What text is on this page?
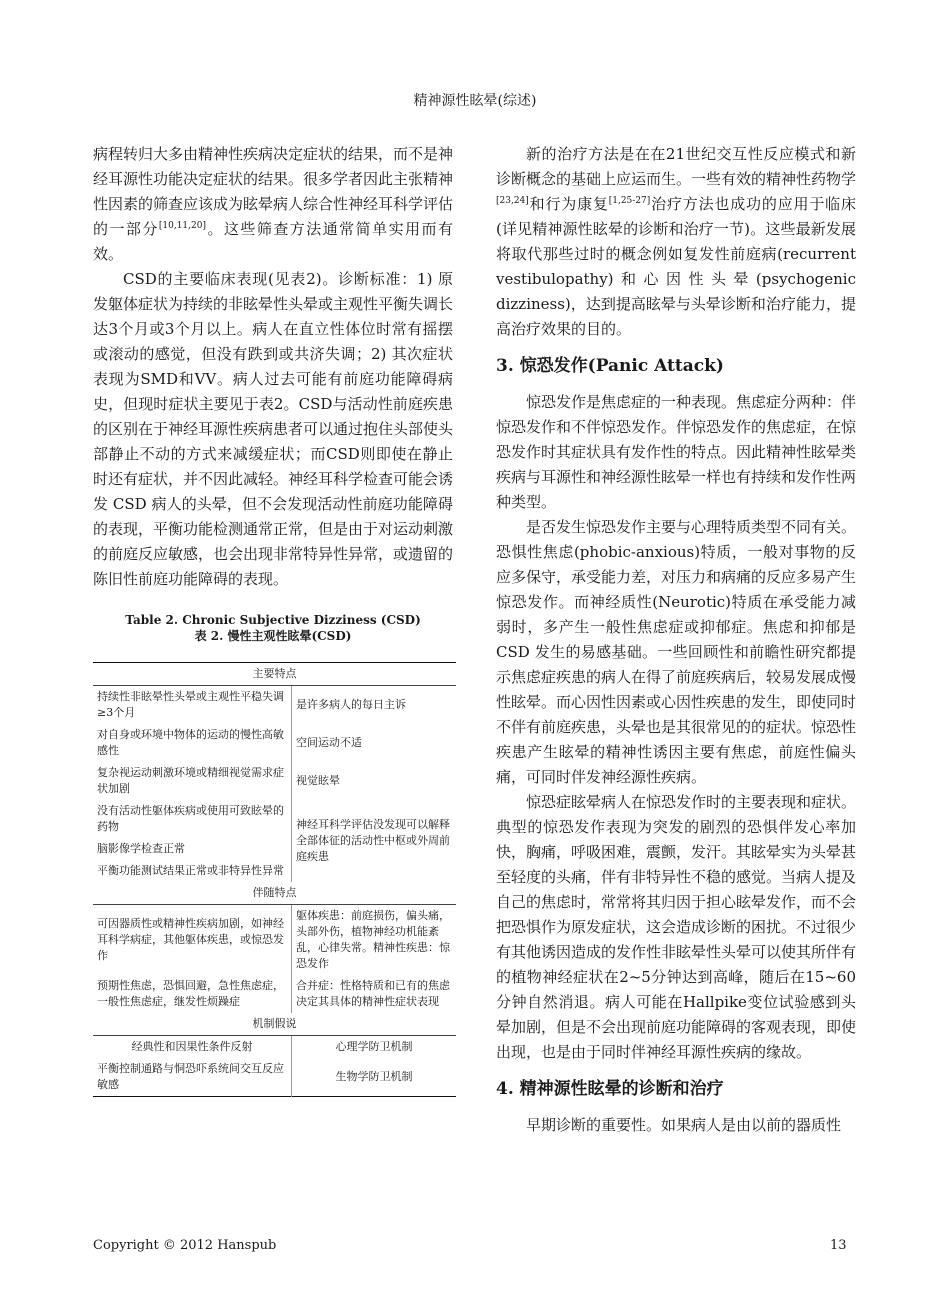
精神源性眩晕(综述)

病程转归大多由精神性疾病决定症状的结果，而不是神经耳源性功能决定症状的结果。很多学者因此主张精神性因素的筛查应该成为眩晕病人综合性神经耳科学评估的一部分[10,11,20]。这些筛查方法通常简单实用而有效。

CSD的主要临床表现(见表2)。诊断标准：1) 原发躯体症状为持续的非眩晕性头晕或主观性平衡失调长达3个月或3个月以上。病人在直立性体位时常有摇摆或滚动的感觉，但没有跌到或共济失调；2) 其次症状表现为SMD和VV。病人过去可能有前庭功能障碍病史，但现时症状主要见于表2。CSD与活动性前庭疾患的区别在于神经耳源性疾病患者可以通过抱住头部使头部静止不动的方式来减缓症状；而CSD则即使在静止时还有症状，并不因此减轻。神经耳科学检查可能会诱发 CSD 病人的头晕，但不会发现活动性前庭功能障碍的表现，平衡功能检测通常正常，但是由于对运动刺激的前庭反应敏感，也会出现非常特异性异常，或遗留的陈旧性前庭功能障碍的表现。

Table 2. Chronic Subjective Dizziness (CSD)
表 2. 慢性主观性眩晕(CSD)
主要特点	
持续性非眩晕性头晕或主观性平稳失调≥3个月	是许多病人的每日主诉
对自身或环境中物体的运动的慢性高敏感性	空间运动不适
复杂视运动刺激环境或精细视觉需求症状加剧	视觉眩晕
没有活动性躯体疾病或使用可致眩晕的药物	神经耳科学评估没发现可以解释全部体征的活动性中枢或外周前庭疾患
脑影像学检查正常	
平衡功能测试结果正常或非特异性异常	
伴随特点	
可因器质性或精神性疾病加剧，如神经耳科学病症，其他躯体疾患，或惊恐发作	躯体疾患：前庭损伤，偏头痛，头部外伤，植物神经功机能紊乱，心律失常。精神性疾患：惊恐发作
预期性焦虑，恐惧回避，急性焦虑症，一般性焦虑症，继发性烦躁症	合并症：性格特质和已有的焦虑决定其具体的精神性症状表现
机制假说	
经典性和因果性条件反射	心理学防卫机制
平衡控制通路与恫恐吓系统间交互反应敏感	生物学防卫机制

新的治疗方法是在在21世纪交互性反应模式和新诊断概念的基础上应运而生。一些有效的精神性药物学[23,24]和行为康复[1,25-27]治疗方法也成功的应用于临床(详见精神源性眩晕的诊断和治疗一节)。这些最新发展将取代那些过时的概念例如复发性前庭病(recurrent vestibulopathy)和心因性头晕(psychogenic dizziness)，达到提高眩晕与头晕诊断和治疗能力，提高治疗效果的目的。

3. 惊恐发作(Panic Attack)

惊恐发作是焦虑症的一种表现。焦虑症分两种：伴惊恐发作和不伴惊恐发作。伴惊恐发作的焦虑症，在惊恐发作时其症状具有发作性的特点。因此精神性眩晕类疾病与耳源性和神经源性眩晕一样也有持续和发作性两种类型。

是否发生惊恐发作主要与心理特质类型不同有关。恐惧性焦虑(phobic-anxious)特质，一般对事物的反应多保守，承受能力差，对压力和病痛的反应多易产生惊恐发作。而神经质性(Neurotic)特质在承受能力减弱时，多产生一般性焦虑症或抑郁症。焦虑和抑郁是 CSD 发生的易感基础。一些回顾性和前瞻性研究都提示焦虑症疾患的病人在得了前庭疾病后，较易发展成慢性眩晕。而心因性因素或心因性疾患的发生，即使同时不伴有前庭疾患，头晕也是其很常见的的症状。惊恐性疾患产生眩晕的精神性诱因主要有焦虑，前庭性偏头痛，可同时伴发神经源性疾病。

惊恐症眩晕病人在惊恐发作时的主要表现和症状。典型的惊恐发作表现为突发的剧烈的恐惧伴发心率加快，胸痛，呼吸困难，震颤，发汗。其眩晕实为头晕甚至轻度的头痛，伴有非特异性不稳的感觉。当病人提及自己的焦虑时，常常将其归因于担心眩晕发作，而不会把恐惧作为原发症状，这会造成诊断的困扰。不过很少有其他诱因造成的发作性非眩晕性头晕可以使其所伴有的植物神经症状在2~5分钟达到高峰，随后在15~60分钟自然消退。病人可能在Hallpike变位试验感到头晕加剧，但是不会出现前庭功能障碍的客观表现，即使出现，也是由于同时伴神经耳源性疾病的缘故。

4. 精神源性眩晕的诊断和治疗

早期诊断的重要性。如果病人是由以前的器质性

Copyright © 2012 Hanspub	13
